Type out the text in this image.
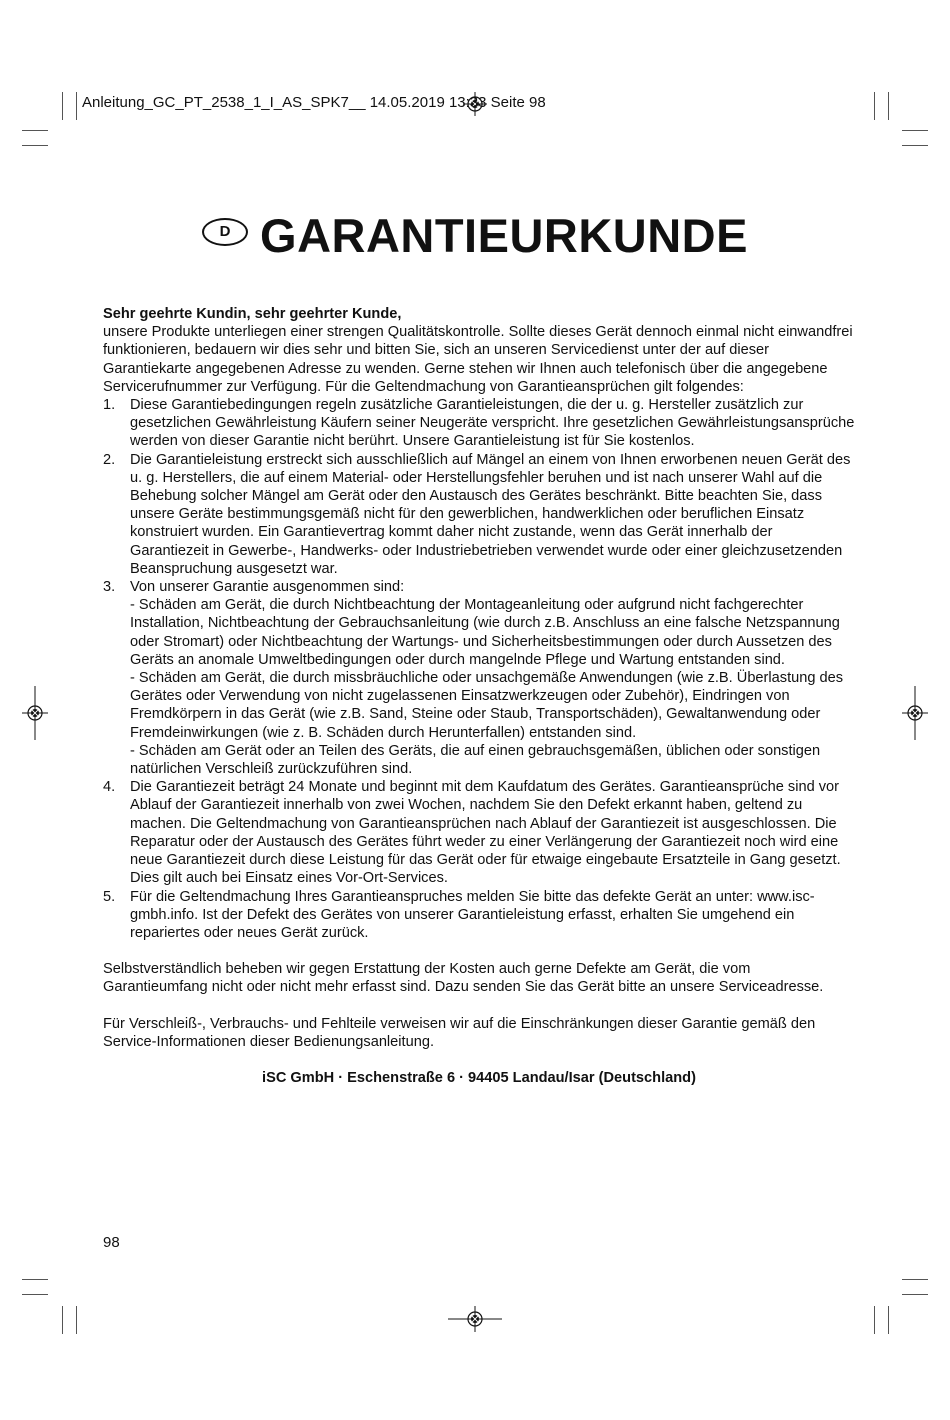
Anleitung_GC_PT_2538_1_I_AS_SPK7__ 14.05.2019 13:33 Seite 98
D GARANTIEURKUNDE

Sehr geehrte Kundin, sehr geehrter Kunde,

unsere Produkte unterliegen einer strengen Qualitätskontrolle. Sollte dieses Gerät dennoch einmal nicht einwandfrei funktionieren, bedauern wir dies sehr und bitten Sie, sich an unseren Servicedienst unter der auf dieser Garantiekarte angegebenen Adresse zu wenden. Gerne stehen wir Ihnen auch telefonisch über die angegebene Servicerufnummer zur Verfügung. Für die Geltendmachung von Garantieansprüchen gilt folgendes:

1. Diese Garantiebedingungen regeln zusätzliche Garantieleistungen, die der u. g. Hersteller zusätzlich zur gesetzlichen Gewährleistung Käufern seiner Neugeräte verspricht. Ihre gesetzlichen Gewährleistungsansprüche werden von dieser Garantie nicht berührt. Unsere Garantieleistung ist für Sie kostenlos.

2. Die Garantieleistung erstreckt sich ausschließlich auf Mängel an einem von Ihnen erworbenen neuen Gerät des u. g. Herstellers, die auf einem Material- oder Herstellungsfehler beruhen und ist nach unserer Wahl auf die Behebung solcher Mängel am Gerät oder den Austausch des Gerätes beschränkt. Bitte beachten Sie, dass unsere Geräte bestimmungsgemäß nicht für den gewerblichen, handwerklichen oder beruflichen Einsatz konstruiert wurden. Ein Garantievertrag kommt daher nicht zustande, wenn das Gerät innerhalb der Garantiezeit in Gewerbe-, Handwerks- oder Industriebetrieben verwendet wurde oder einer gleichzusetzenden Beanspruchung ausgesetzt war.

3. Von unserer Garantie ausgenommen sind:

- Schäden am Gerät, die durch Nichtbeachtung der Montageanleitung oder aufgrund nicht fachgerechter Installation, Nichtbeachtung der Gebrauchsanleitung (wie durch z.B. Anschluss an eine falsche Netzspannung oder Stromart) oder Nichtbeachtung der Wartungs- und Sicherheitsbestimmungen oder durch Aussetzen des Geräts an anomale Umweltbedingungen oder durch mangelnde Pflege und Wartung entstanden sind.

- Schäden am Gerät, die durch missbräuchliche oder unsachgemäße Anwendungen (wie z.B. Überlastung des Gerätes oder Verwendung von nicht zugelassenen Einsatzwerkzeugen oder Zubehör), Eindringen von Fremdkörpern in das Gerät (wie z.B. Sand, Steine oder Staub, Transportschäden), Gewaltanwendung oder Fremdeinwirkungen (wie z. B. Schäden durch Herunterfallen) entstanden sind.

- Schäden am Gerät oder an Teilen des Geräts, die auf einen gebrauchsgemäßen, üblichen oder sonstigen natürlichen Verschleiß zurückzuführen sind.

4. Die Garantiezeit beträgt 24 Monate und beginnt mit dem Kaufdatum des Gerätes. Garantieansprüche sind vor Ablauf der Garantiezeit innerhalb von zwei Wochen, nachdem Sie den Defekt erkannt haben, geltend zu machen. Die Geltendmachung von Garantieansprüchen nach Ablauf der Garantiezeit ist ausgeschlossen. Die Reparatur oder der Austausch des Gerätes führt weder zu einer Verlängerung der Garantiezeit noch wird eine neue Garantiezeit durch diese Leistung für das Gerät oder für etwaige eingebaute Ersatzteile in Gang gesetzt. Dies gilt auch bei Einsatz eines Vor-Ort-Services.

5. Für die Geltendmachung Ihres Garantieanspruches melden Sie bitte das defekte Gerät an unter: www.isc-gmbh.info. Ist der Defekt des Gerätes von unserer Garantieleistung erfasst, erhalten Sie umgehend ein repariertes oder neues Gerät zurück.

Selbstverständlich beheben wir gegen Erstattung der Kosten auch gerne Defekte am Gerät, die vom Garantieumfang nicht oder nicht mehr erfasst sind. Dazu senden Sie das Gerät bitte an unsere Serviceadresse.

Für Verschleiß-, Verbrauchs- und Fehlteile verweisen wir auf die Einschränkungen dieser Garantie gemäß den Service-Informationen dieser Bedienungsanleitung.

iSC GmbH · Eschenstraße 6 · 94405 Landau/Isar (Deutschland)

98
